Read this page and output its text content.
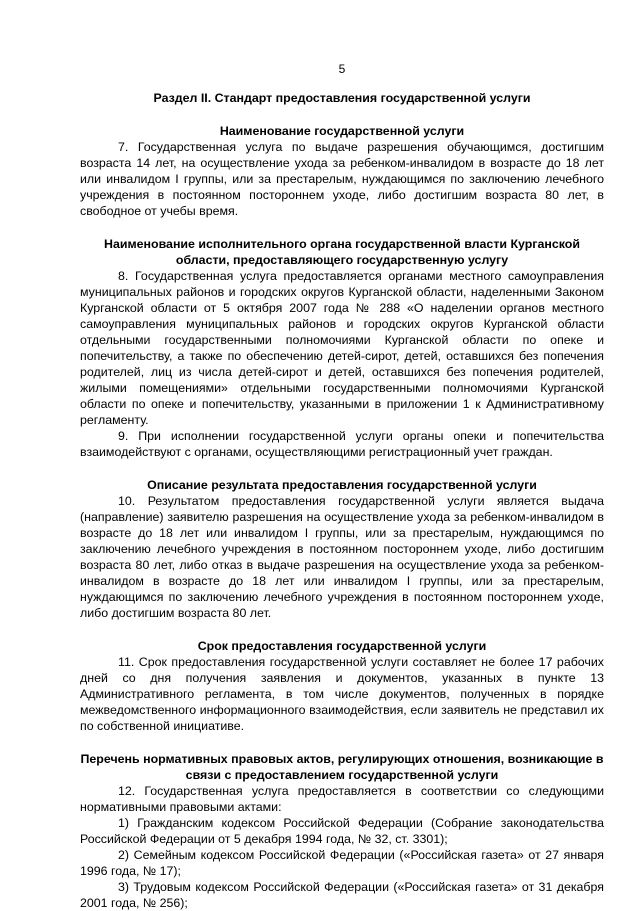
5
Раздел II. Стандарт предоставления государственной услуги
Наименование государственной услуги

7. Государственная услуга по выдаче разрешения обучающимся, достигшим возраста 14 лет, на осуществление ухода за ребенком-инвалидом в возрасте до 18 лет или инвалидом I группы, или за престарелым, нуждающимся по заключению лечебного учреждения в постоянном постороннем уходе, либо достигшим возраста 80 лет, в свободное от учебы время.

Наименование исполнительного органа государственной власти Курганской области, предоставляющего государственную услугу

8. Государственная услуга предоставляется органами местного самоуправления муниципальных районов и городских округов Курганской области, наделенными Законом Курганской области от 5 октября 2007 года № 288 «О наделении органов местного самоуправления муниципальных районов и городских округов Курганской области отдельными государственными полномочиями Курганской области по опеке и попечительству, а также по обеспечению детей-сирот, детей, оставшихся без попечения родителей, лиц из числа детей-сирот и детей, оставшихся без попечения родителей, жилыми помещениями» отдельными государственными полномочиями Курганской области по опеке и попечительству, указанными в приложении 1 к Административному регламенту.

9. При исполнении государственной услуги органы опеки и попечительства взаимодействуют с органами, осуществляющими регистрационный учет граждан.

Описание результата предоставления государственной услуги

10. Результатом предоставления государственной услуги является выдача (направление) заявителю разрешения на осуществление ухода за ребенком-инвалидом в возрасте до 18 лет или инвалидом I группы, или за престарелым, нуждающимся по заключению лечебного учреждения в постоянном постороннем уходе, либо достигшим возраста 80 лет, либо отказ в выдаче разрешения на осуществление ухода за ребенком-инвалидом в возрасте до 18 лет или инвалидом I группы, или за престарелым, нуждающимся по заключению лечебного учреждения в постоянном постороннем уходе, либо достигшим возраста 80 лет.

Срок предоставления государственной услуги

11. Срок предоставления государственной услуги составляет не более 17 рабочих дней со дня получения заявления и документов, указанных в пункте 13 Административного регламента, в том числе документов, полученных в порядке межведомственного информационного взаимодействия, если заявитель не представил их по собственной инициативе.

Перечень нормативных правовых актов, регулирующих отношения, возникающие в связи с предоставлением государственной услуги

12. Государственная услуга предоставляется в соответствии со следующими нормативными правовыми актами:

1) Гражданским кодексом Российской Федерации (Собрание законодательства Российской Федерации от 5 декабря 1994 года, № 32, ст. 3301);

2) Семейным кодексом Российской Федерации («Российская газета» от 27 января 1996 года, № 17);

3) Трудовым кодексом Российской Федерации («Российская газета» от 31 декабря 2001 года, № 256);
